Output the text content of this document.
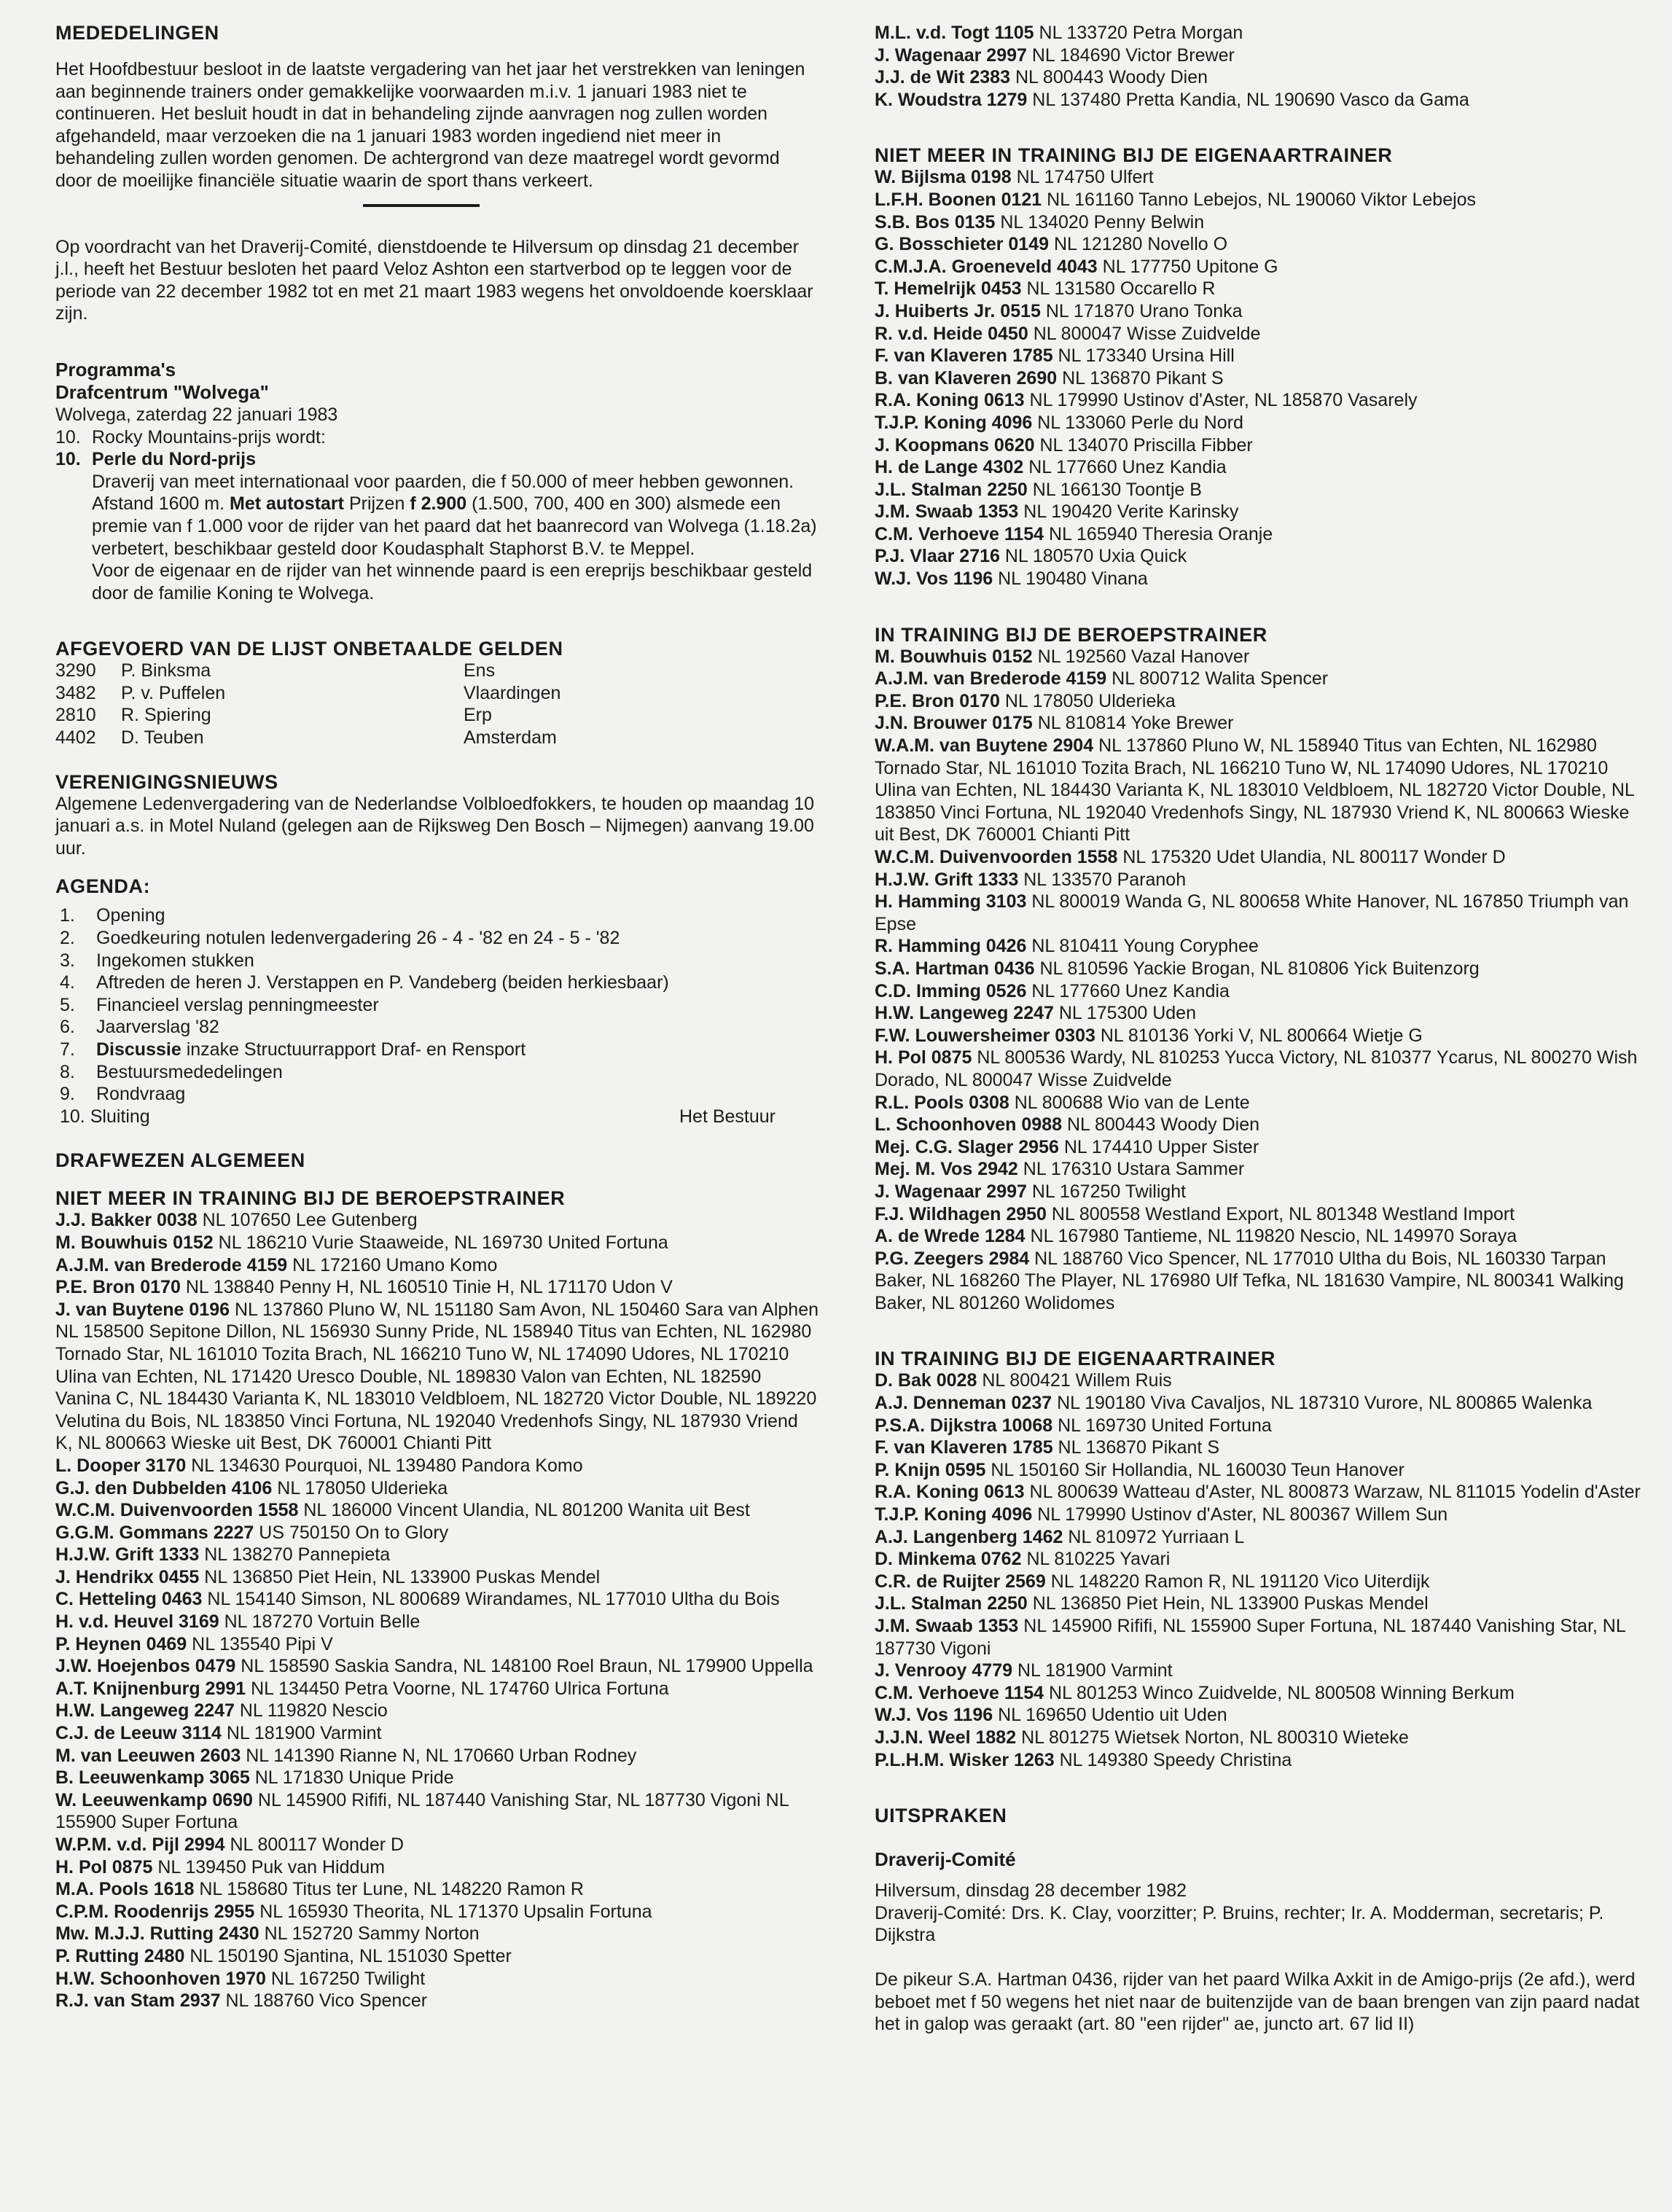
MEDEDELINGEN

Het Hoofdbestuur besloot in de laatste vergadering van het jaar het verstrekken van leningen aan beginnende trainers onder gemakkelijke voorwaarden m.i.v. 1 januari 1983 niet te continueren. Het besluit houdt in dat in behandeling zijnde aanvragen nog zullen worden afgehandeld, maar verzoeken die na 1 januari 1983 worden ingediend niet meer in behandeling zullen worden genomen. De achtergrond van deze maatregel wordt gevormd door de moeilijke financiële situatie waarin de sport thans verkeert.

Op voordracht van het Draverij-Comité, dienstdoende te Hilversum op dinsdag 21 december j.l., heeft het Bestuur besloten het paard Veloz Ashton een startverbod op te leggen voor de periode van 22 december 1982 tot en met 21 maart 1983 wegens het onvoldoende koersklaar zijn.

Programma's
Drafcentrum "Wolvega"
Wolvega, zaterdag 22 januari 1983
10. Rocky Mountains-prijs wordt:
10. Perle du Nord-prijs
Draverij van meet internationaal voor paarden, die f 50.000 of meer hebben gewonnen. Afstand 1600 m. Met autostart Prijzen f 2.900 (1.500, 700, 400 en 300) alsmede een premie van f 1.000 voor de rijder van het paard dat het baanrecord van Wolvega (1.18.2a) verbetert, beschikbaar gesteld door Koudasphalt Staphorst B.V. te Meppel.
Voor de eigenaar en de rijder van het winnende paard is een ereprijs beschikbaar gesteld door de familie Koning te Wolvega.
AFGEVOERD VAN DE LIJST ONBETAALDE GELDEN
3290 P. Binksma	Ens
3482 P. v. Puffelen	Vlaardingen
2810 R. Spiering	Erp
4402 D. Teuben	Amsterdam
VERENIGINGSNIEUWS

Algemene Ledenvergadering van de Nederlandse Volbloedfokkers, te houden op maandag 10 januari a.s. in Motel Nuland (gelegen aan de Rijksweg Den Bosch – Nijmegen) aanvang 19.00 uur.

AGENDA:
1. Opening
2. Goedkeuring notulen ledenvergadering 26 - 4 - '82 en 24 - 5 - '82
3. Ingekomen stukken
4. Aftreden de heren J. Verstappen en P. Vandeberg (beiden herkiesbaar)
5. Financieel verslag penningmeester
6. Jaarverslag '82
7. Discussie inzake Structuurrapport Draf- en Rensport
8. Bestuursmededelingen
9. Rondvraag
10. Sluiting	Het Bestuur
DRAFWEZEN ALGEMEEN
NIET MEER IN TRAINING BIJ DE BEROEPSTRAINER

J.J. Bakker 0038 NL 107650 Lee Gutenberg

M. Bouwhuis 0152 NL 186210 Vurie Staaweide, NL 169730 United Fortuna

A.J.M. van Brederode 4159 NL 172160 Umano Komo

P.E. Bron 0170 NL 138840 Penny H, NL 160510 Tinie H, NL 171170 Udon V

J. van Buytene 0196 NL 137860 Pluno W, NL 151180 Sam Avon, NL 150460 Sara van Alphen NL 158500 Sepitone Dillon, NL 156930 Sunny Pride, NL 158940 Titus van Echten, NL 162980 Tornado Star, NL 161010 Tozita Brach, NL 166210 Tuno W, NL 174090 Udores, NL 170210 Ulina van Echten, NL 171420 Uresco Double, NL 189830 Valon van Echten, NL 182590 Vanina C, NL 184430 Varianta K, NL 183010 Veldbloem, NL 182720 Victor Double, NL 189220 Velutina du Bois, NL 183850 Vinci Fortuna, NL 192040 Vredenhofs Singy, NL 187930 Vriend K, NL 800663 Wieske uit Best, DK 760001 Chianti Pitt

L. Dooper 3170 NL 134630 Pourquoi, NL 139480 Pandora Komo

G.J. den Dubbelden 4106 NL 178050 Ulderieka

W.C.M. Duivenvoorden 1558 NL 186000 Vincent Ulandia, NL 801200 Wanita uit Best

G.G.M. Gommans 2227 US 750150 On to Glory

H.J.W. Grift 1333 NL 138270 Pannepieta

J. Hendrikx 0455 NL 136850 Piet Hein, NL 133900 Puskas Mendel

C. Hetteling 0463 NL 154140 Simson, NL 800689 Wirandames, NL 177010 Ultha du Bois

H. v.d. Heuvel 3169 NL 187270 Vortuin Belle

P. Heynen 0469 NL 135540 Pipi V

J.W. Hoejenbos 0479 NL 158590 Saskia Sandra, NL 148100 Roel Braun, NL 179900 Uppella

A.T. Knijnenburg 2991 NL 134450 Petra Voorne, NL 174760 Ulrica Fortuna

H.W. Langeweg 2247 NL 119820 Nescio

C.J. de Leeuw 3114 NL 181900 Varmint

M. van Leeuwen 2603 NL 141390 Rianne N, NL 170660 Urban Rodney

B. Leeuwenkamp 3065 NL 171830 Unique Pride

W. Leeuwenkamp 0690 NL 145900 Rififi, NL 187440 Vanishing Star, NL 187730 Vigoni NL 155900 Super Fortuna

W.P.M. v.d. Pijl 2994 NL 800117 Wonder D

H. Pol 0875 NL 139450 Puk van Hiddum

M.A. Pools 1618 NL 158680 Titus ter Lune, NL 148220 Ramon R

C.P.M. Roodenrijs 2955 NL 165930 Theorita, NL 171370 Upsalin Fortuna

Mw. M.J.J. Rutting 2430 NL 152720 Sammy Norton

P. Rutting 2480 NL 150190 Sjantina, NL 151030 Spetter

H.W. Schoonhoven 1970 NL 167250 Twilight

R.J. van Stam 2937 NL 188760 Vico Spencer

M.L. v.d. Togt 1105 NL 133720 Petra Morgan

J. Wagenaar 2997 NL 184690 Victor Brewer

J.J. de Wit 2383 NL 800443 Woody Dien

K. Woudstra 1279 NL 137480 Pretta Kandia, NL 190690 Vasco da Gama

NIET MEER IN TRAINING BIJ DE EIGENAARTRAINER

W. Bijlsma 0198 NL 174750 Ulfert

L.F.H. Boonen 0121 NL 161160 Tanno Lebejos, NL 190060 Viktor Lebejos

S.B. Bos 0135 NL 134020 Penny Belwin

G. Bosschieter 0149 NL 121280 Novello O

C.M.J.A. Groeneveld 4043 NL 177750 Upitone G

T. Hemelrijk 0453 NL 131580 Occarello R

J. Huiberts Jr. 0515 NL 171870 Urano Tonka

R. v.d. Heide 0450 NL 800047 Wisse Zuidvelde

F. van Klaveren 1785 NL 173340 Ursina Hill

B. van Klaveren 2690 NL 136870 Pikant S

R.A. Koning 0613 NL 179990 Ustinov d'Aster, NL 185870 Vasarely

T.J.P. Koning 4096 NL 133060 Perle du Nord

J. Koopmans 0620 NL 134070 Priscilla Fibber

H. de Lange 4302 NL 177660 Unez Kandia

J.L. Stalman 2250 NL 166130 Toontje B

J.M. Swaab 1353 NL 190420 Verite Karinsky

C.M. Verhoeve 1154 NL 165940 Theresia Oranje

P.J. Vlaar 2716 NL 180570 Uxia Quick

W.J. Vos 1196 NL 190480 Vinana

IN TRAINING BIJ DE BEROEPSTRAINER

M. Bouwhuis 0152 NL 192560 Vazal Hanover

A.J.M. van Brederode 4159 NL 800712 Walita Spencer

P.E. Bron 0170 NL 178050 Ulderieka

J.N. Brouwer 0175 NL 810814 Yoke Brewer

W.A.M. van Buytene 2904 NL 137860 Pluno W, NL 158940 Titus van Echten, NL 162980 Tornado Star, NL 161010 Tozita Brach, NL 166210 Tuno W, NL 174090 Udores, NL 170210 Ulina van Echten, NL 184430 Varianta K, NL 183010 Veldbloem, NL 182720 Victor Double, NL 183850 Vinci Fortuna, NL 192040 Vredenhofs Singy, NL 187930 Vriend K, NL 800663 Wieske uit Best, DK 760001 Chianti Pitt

W.C.M. Duivenvoorden 1558 NL 175320 Udet Ulandia, NL 800117 Wonder D

H.J.W. Grift 1333 NL 133570 Paranoh

H. Hamming 3103 NL 800019 Wanda G, NL 800658 White Hanover, NL 167850 Triumph van Epse

R. Hamming 0426 NL 810411 Young Coryphee

S.A. Hartman 0436 NL 810596 Yackie Brogan, NL 810806 Yick Buitenzorg

C.D. Imming 0526 NL 177660 Unez Kandia

H.W. Langeweg 2247 NL 175300 Uden

F.W. Louwersheimer 0303 NL 810136 Yorki V, NL 800664 Wietje G

H. Pol 0875 NL 800536 Wardy, NL 810253 Yucca Victory, NL 810377 Ycarus, NL 800270 Wish Dorado, NL 800047 Wisse Zuidvelde

R.L. Pools 0308 NL 800688 Wio van de Lente

L. Schoonhoven 0988 NL 800443 Woody Dien

Mej. C.G. Slager 2956 NL 174410 Upper Sister

Mej. M. Vos 2942 NL 176310 Ustara Sammer

J. Wagenaar 2997 NL 167250 Twilight

F.J. Wildhagen 2950 NL 800558 Westland Export, NL 801348 Westland Import

A. de Wrede 1284 NL 167980 Tantieme, NL 119820 Nescio, NL 149970 Soraya

P.G. Zeegers 2984 NL 188760 Vico Spencer, NL 177010 Ultha du Bois, NL 160330 Tarpan Baker, NL 168260 The Player, NL 176980 Ulf Tefka, NL 181630 Vampire, NL 800341 Walking Baker, NL 801260 Wolidomes

IN TRAINING BIJ DE EIGENAARTRAINER

D. Bak 0028 NL 800421 Willem Ruis

A.J. Denneman 0237 NL 190180 Viva Cavaljos, NL 187310 Vurore, NL 800865 Walenka

P.S.A. Dijkstra 10068 NL 169730 United Fortuna

F. van Klaveren 1785 NL 136870 Pikant S

P. Knijn 0595 NL 150160 Sir Hollandia, NL 160030 Teun Hanover

R.A. Koning 0613 NL 800639 Watteau d'Aster, NL 800873 Warzaw, NL 811015 Yodelin d'Aster

T.J.P. Koning 4096 NL 179990 Ustinov d'Aster, NL 800367 Willem Sun

A.J. Langenberg 1462 NL 810972 Yurriaan L

D. Minkema 0762 NL 810225 Yavari

C.R. de Ruijter 2569 NL 148220 Ramon R, NL 191120 Vico Uiterdijk

J.L. Stalman 2250 NL 136850 Piet Hein, NL 133900 Puskas Mendel

J.M. Swaab 1353 NL 145900 Rififi, NL 155900 Super Fortuna, NL 187440 Vanishing Star, NL 187730 Vigoni

J. Venrooy 4779 NL 181900 Varmint

C.M. Verhoeve 1154 NL 801253 Winco Zuidvelde, NL 800508 Winning Berkum

W.J. Vos 1196 NL 169650 Udentio uit Uden

J.J.N. Weel 1882 NL 801275 Wietsek Norton, NL 800310 Wieteke

P.L.H.M. Wisker 1263 NL 149380 Speedy Christina

UITSPRAKEN
Draverij-Comité

Hilversum, dinsdag 28 december 1982

Draverij-Comité: Drs. K. Clay, voorzitter; P. Bruins, rechter; Ir. A. Modderman, secretaris; P. Dijkstra

De pikeur S.A. Hartman 0436, rijder van het paard Wilka Axkit in de Amigo-prijs (2e afd.), werd beboet met f 50 wegens het niet naar de buitenzijde van de baan brengen van zijn paard nadat het in galop was geraakt (art. 80 "een rijder" ae, juncto art. 67 lid II)
